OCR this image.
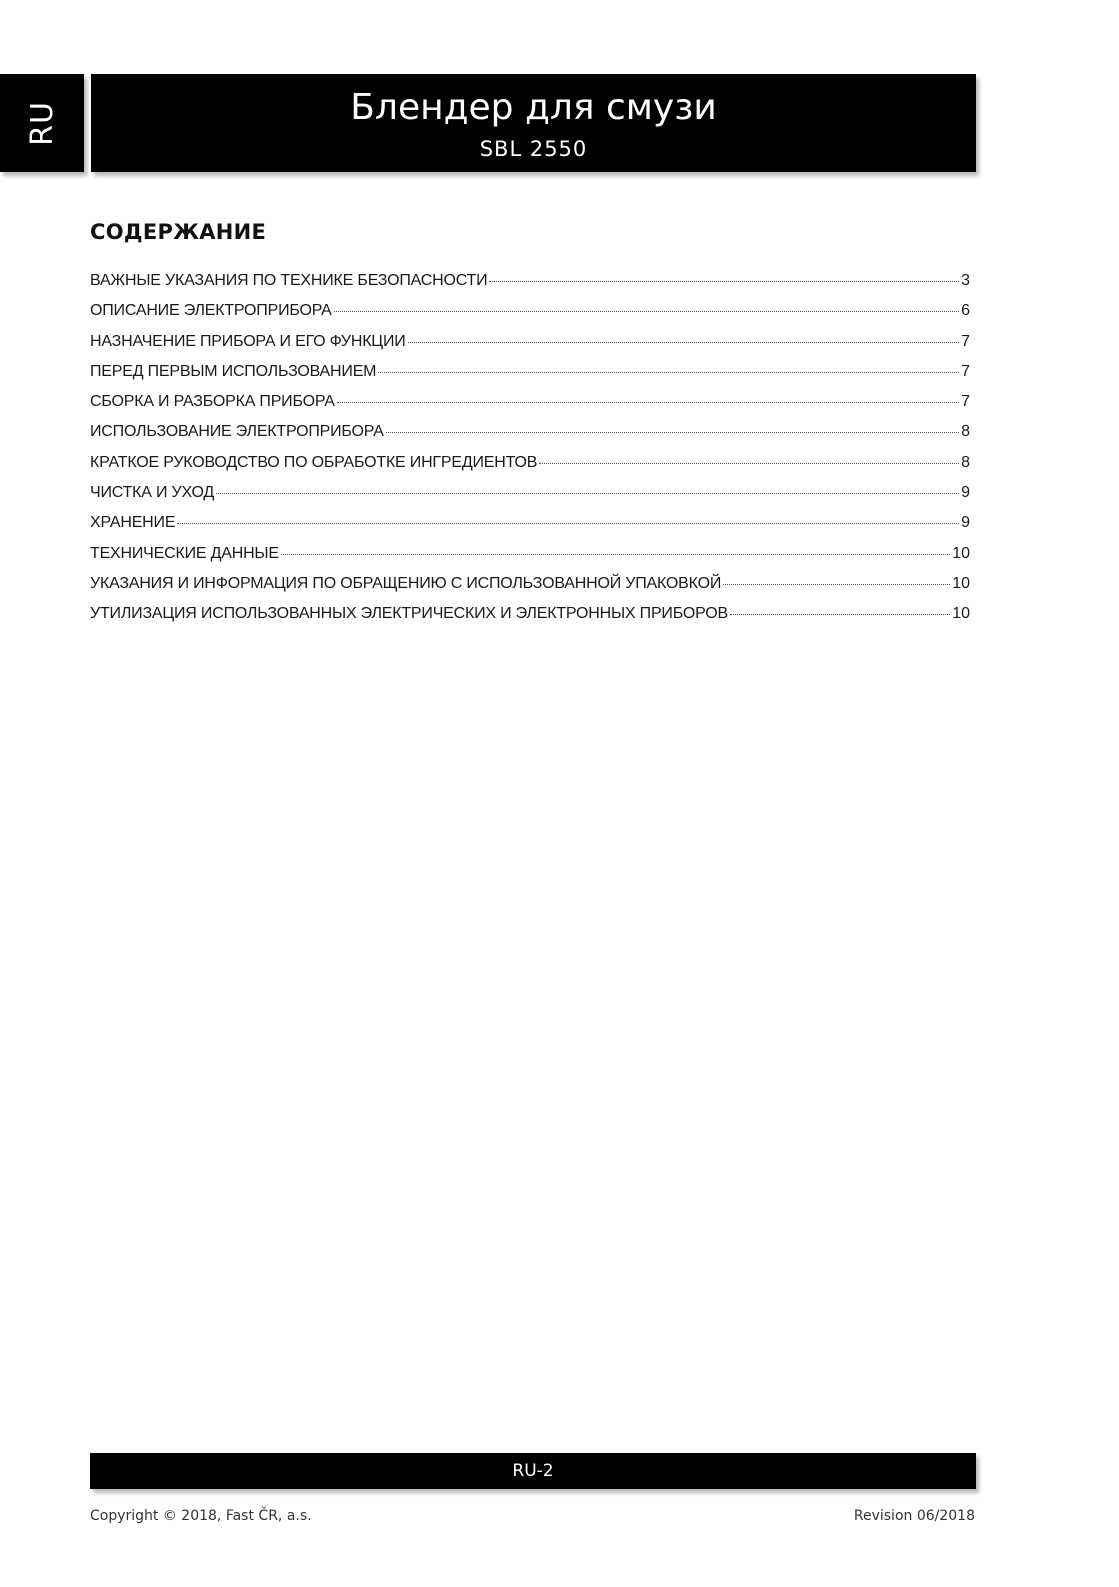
RU	Блендер для смузи
SBL 2550
СОДЕРЖАНИЕ
ВАЖНЫЕ УКАЗАНИЯ ПО ТЕХНИКЕ БЕЗОПАСНОСТИ	3
ОПИСАНИЕ ЭЛЕКТРОПРИБОРА	6
НАЗНАЧЕНИЕ ПРИБОРА И ЕГО ФУНКЦИИ	7
ПЕРЕД ПЕРВЫМ ИСПОЛЬЗОВАНИЕМ	7
СБОРКА И РАЗБОРКА ПРИБОРА	7
ИСПОЛЬЗОВАНИЕ ЭЛЕКТРОПРИБОРА	8
КРАТКОЕ РУКОВОДСТВО ПО ОБРАБОТКЕ ИНГРЕДИЕНТОВ	8
ЧИСТКА И УХОД	9
ХРАНЕНИЕ	9
ТЕХНИЧЕСКИЕ ДАННЫЕ	10
УКАЗАНИЯ И ИНФОРМАЦИЯ ПО ОБРАЩЕНИЮ С ИСПОЛЬЗОВАННОЙ УПАКОВКОЙ	10
УТИЛИЗАЦИЯ ИСПОЛЬЗОВАННЫХ ЭЛЕКТРИЧЕСКИХ И ЭЛЕКТРОННЫХ ПРИБОРОВ	10
RU-2
Copyright © 2018, Fast ČR, a.s.	Revision 06/2018
